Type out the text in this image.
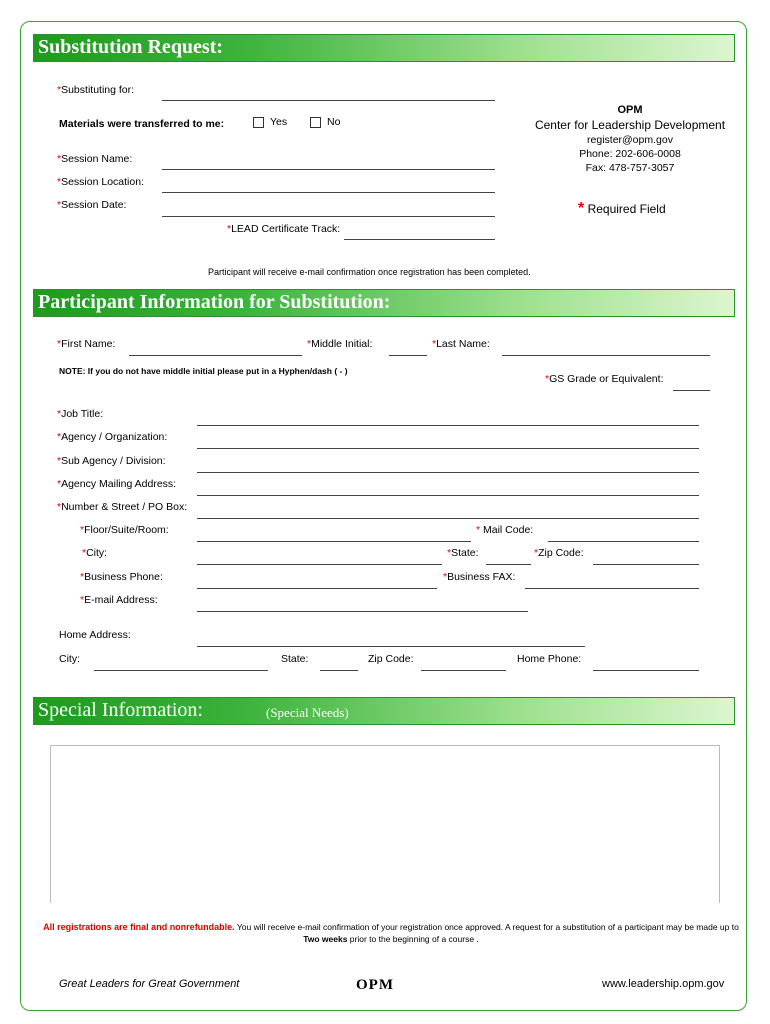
Substitution Request:
*Substituting for:
Materials were transferred to me:	Yes	No
*Session Name:
*Session Location:
*Session Date:
*LEAD Certificate Track:
OPM
Center for Leadership Development
register@opm.gov
Phone: 202-606-0008
Fax: 478-757-3057
* Required Field
Participant will receive e-mail confirmation once registration has been completed.
Participant Information for Substitution:
*First Name:	*Middle Initial:	*Last Name:
NOTE: If you do not have middle initial please put in a Hyphen/dash ( - )
*GS Grade or Equivalent:
*Job Title:
*Agency / Organization:
*Sub Agency / Division:
*Agency Mailing Address:
*Number & Street / PO Box:
*Floor/Suite/Room:	* Mail Code:
*City:	*State:	*Zip Code:
*Business Phone:	*Business FAX:
*E-mail Address:
Home Address:
City:	State:	Zip Code:	Home Phone:
Special Information:	(Special Needs)
All registrations are final and nonrefundable. You will receive e-mail confirmation of your registration once approved. A request for a substitution of a participant may be made up to
Two weeks prior to the beginning of a course .
Great Leaders for Great Government	OPM	www.leadership.opm.gov
